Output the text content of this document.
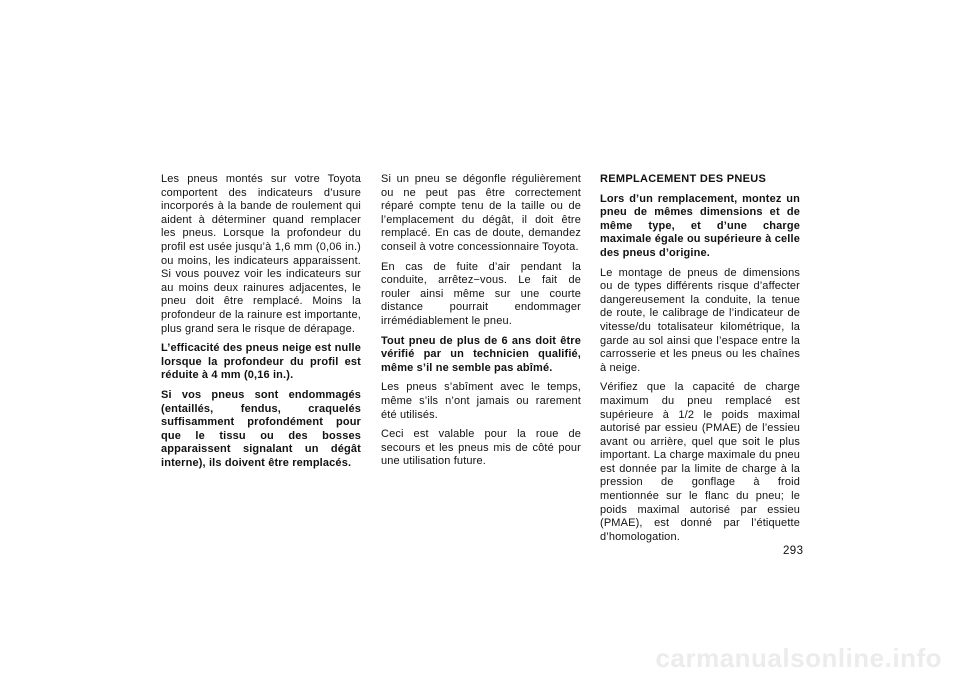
Les pneus montés sur votre Toyota comportent des indicateurs d’usure incorporés à la bande de roulement qui aident à déterminer quand remplacer les pneus. Lorsque la profondeur du profil est usée jusqu’à 1,6 mm (0,06 in.) ou moins, les indicateurs apparaissent. Si vous pouvez voir les indicateurs sur au moins deux rainures adjacentes, le pneu doit être remplacé. Moins la profondeur de la rainure est importante, plus grand sera le risque de dérapage.

L’efficacité des pneus neige est nulle lorsque la profondeur du profil est réduite à 4 mm (0,16 in.).

Si vos pneus sont endommagés (entaillés, fendus, craquelés suffisamment profondément pour que le tissu ou des bosses apparaissent signalant un dégât interne), ils doivent être remplacés.

Si un pneu se dégonfle régulièrement ou ne peut pas être correctement réparé compte tenu de la taille ou de l’emplacement du dégât, il doit être remplacé. En cas de doute, demandez conseil à votre concessionnaire Toyota.

En cas de fuite d’air pendant la conduite, arrêtez−vous. Le fait de rouler ainsi même sur une courte distance pourrait endommager irrémédiablement le pneu.

Tout pneu de plus de 6 ans doit être vérifié par un technicien qualifié, même s’il ne semble pas abîmé.

Les pneus s’abîment avec le temps, même s’ils n’ont jamais ou rarement été utilisés.

Ceci est valable pour la roue de secours et les pneus mis de côté pour une utilisation future.

REMPLACEMENT DES PNEUS

Lors d’un remplacement, montez un pneu de mêmes dimensions et de même type, et d’une charge maximale égale ou supérieure à celle des pneus d’origine.

Le montage de pneus de dimensions ou de types différents risque d’affecter dangereusement la conduite, la tenue de route, le calibrage de l’indicateur de vitesse/du totalisateur kilométrique, la garde au sol ainsi que l’espace entre la carrosserie et les pneus ou les chaînes à neige.

Vérifiez que la capacité de charge maximum du pneu remplacé est supérieure à 1/2 le poids maximal autorisé par essieu (PMAE) de l’essieu avant ou arrière, quel que soit le plus important. La charge maximale du pneu est donnée par la limite de charge à la pression de gonflage à froid mentionnée sur le flanc du pneu; le poids maximal autorisé par essieu (PMAE), est donné par l’étiquette d’homologation.

293
carmanualsonline.info
